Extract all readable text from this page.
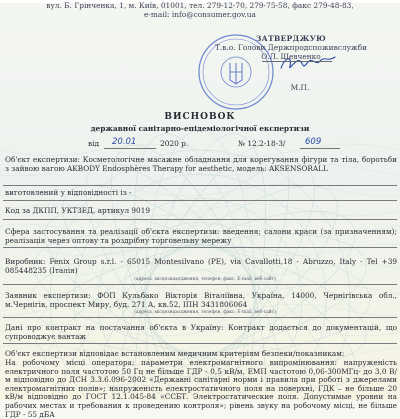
вул. Б. Грінченка, 1, м. Київ, 01001, тел. 279-12-70, 279-75-58, факс 279-48-83,
e-mail: info@consumer.gov.ua
ЗАТВЕРДЖУЮ
Т.в.о. Голови Держпродспоживслужби
О.Л. Шевченко
М.П.
ВИСНОВОК
державної санітарно-епідеміологічної експертизи
від 20.01	2020 р.	№ 12.2-18-3/ 609
Об'єкт експертизи: Косметологічне масажне обладнання для корегування фігури та тіла, боротьби з зайвою вагою AKBODY Endosphères Therapy for aesthetic, модель: AKSENSORALL
виготовлений у відповідності із -
Код за ДКПП, УКТЗЕД, артикул 9019
Сфера застосування та реалізації об'єкта експертизи: введення; салони краси (за призначенням); реалізація через оптову та роздрібну торговельну мережу
Виробник: Fenix Group s.r.l. - 65015 Montesilvano (PE), via Cavallotti,18 - Abruzzo, Italy - Tel +39 085448235 (Італія)
(адреса, місцезнаходження, телефон, факс, E-mail, веб-сайт)
Заявник експертизи: ФОП Кульбако Вікторія Віталіївна, Україна, 14000, Чернігівська обл., м.Чернігів, проспект Миру, буд. 271 А, кв.52, ІПН 3431806064
(адреса, місцезнаходження, телефон, факс, E-mail, веб-сайт)
Дані про контракт на постачання об'єкта в Україну: Контракт додається до документацій, що супроводжує вантаж
Об'єкт експертизи відповідає встановленим медичним критеріям безпеки/показникам:
На робочому місці оператора: параметри електромагнітного випромінювання: напруженість електричного поля частотою 50 Гц не більше ГДР - 0,5 кВ/м, ЕМП частотою 0,06-300МГц- до 3,0 В/м відповідно до ДСН 3.3.6.096-2002 «Державні санітарні норми і правила при роботі з джерелами електромагнітних полів»; напруженість електростатичного поля на поверхні, ГДК – не більше 20 кВ/м відповідно до ГОСТ 12.1.045-84 «ССБТ. Электростатические поля. Допустимые уровни на рабочих местах и требования к проведению контроля»; рівень звуку на робочому місці, не більше ГДР - 55 дБА
